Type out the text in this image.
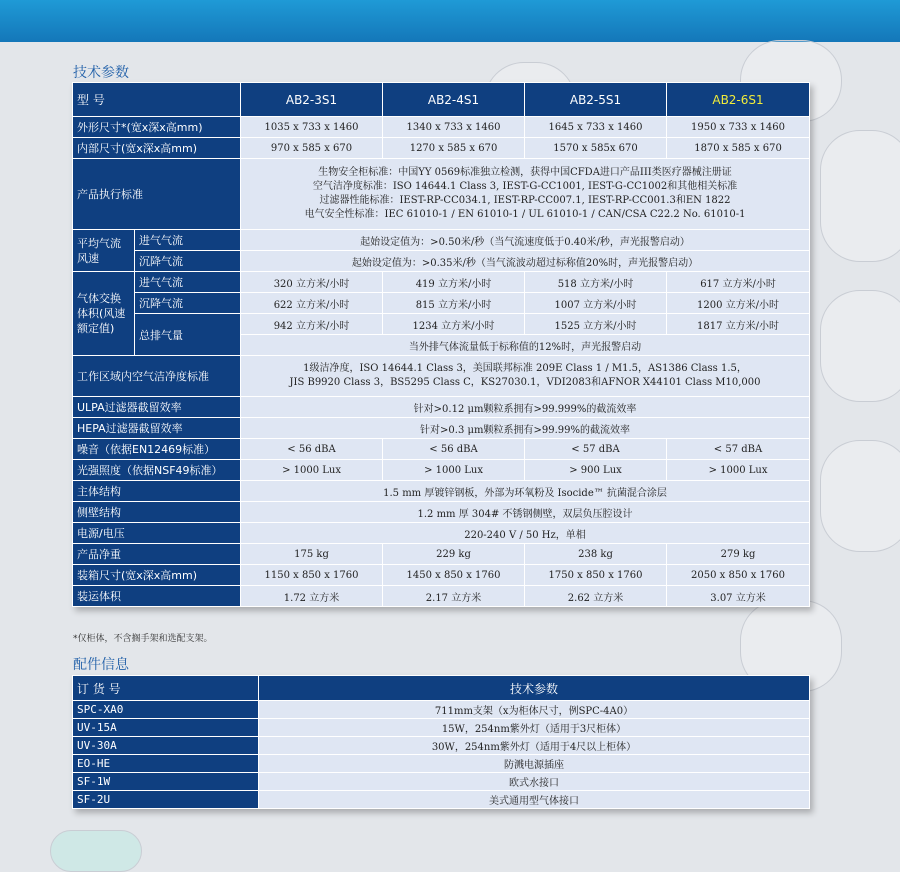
技术参数
型 号		AB2-3S1	AB2-4S1	AB2-5S1	AB2-6S1
外形尺寸*(宽x深x高mm)		1035 x 733 x 1460	1340 x 733 x 1460	1645 x 733 x 1460	1950 x 733 x 1460
内部尺寸(宽x深x高mm)		970 x 585 x 670	1270 x 585 x 670	1570 x 585x 670	1870 x 585 x 670
产品执行标准		生物安全柜标准：中国YY 0569标准独立检测，获得中国CFDA进口产品III类医疗器械注册证
空气洁净度标准：ISO 14644.1 Class 3, IEST-G-CC1001, IEST-G-CC1002和其他相关标准
过滤器性能标准：IEST-RP-CC034.1, IEST-RP-CC007.1, IEST-RP-CC001.3和EN 1822
电气安全性标准：IEC 61010-1 / EN 61010-1 / UL 61010-1 / CAN/CSA C22.2 No. 61010-1			

平均气流风速	进气气流	起始设定值为：>0.50米/秒（当气流速度低于0.40米/秒，声光报警启动）			
	沉降气流	起始设定值为：>0.35米/秒（当气流波动超过标称值20%时，声光报警启动）			
气体交换体积(风速额定值)	进气气流	320 立方米/小时	419 立方米/小时	518 立方米/小时	617 立方米/小时
	沉降气流	622 立方米/小时	815 立方米/小时	1007 立方米/小时	1200 立方米/小时
	总排气量	942 立方米/小时	1234 立方米/小时	1525 立方米/小时	1817 立方米/小时
		当外排气体流量低于标称值的12%时，声光报警启动			
工作区域内空气洁净度标准		1级洁净度，ISO 14644.1 Class 3，美国联邦标准 209E Class 1 / M1.5，AS1386 Class 1.5，
JIS B9920 Class 3，BS5295 Class C，KS27030.1，VDI2083和AFNOR X44101 Class M10,000			

ULPA过滤器截留效率		针对>0.12 μm颗粒系拥有>99.999%的截流效率			
HEPA过滤器截留效率		针对>0.3 μm颗粒系拥有>99.99%的截流效率			
噪音（依据EN12469标准）		< 56 dBA	< 56 dBA	< 57 dBA	< 57 dBA
光强照度（依据NSF49标准）		> 1000 Lux	> 1000 Lux	> 900 Lux	> 1000 Lux
主体结构		1.5 mm 厚镀锌钢板，外部为环氧粉及 Isocide™ 抗菌混合涂层			
侧壁结构		1.2 mm 厚 304# 不锈钢侧壁，双层负压腔设计			
电源/电压		220-240 V / 50 Hz，单相			
产品净重		175 kg	229 kg	238 kg	279 kg
装箱尺寸(宽x深x高mm)		1150 x 850 x 1760	1450 x 850 x 1760	1750 x 850 x 1760	2050 x 850 x 1760
装运体积		1.72 立方米	2.17 立方米	2.62 立方米	3.07 立方米
*仅柜体，不含搁手架和选配支架。
配件信息
订 货 号	技术参数
SPC-XA0	711mm支架（x为柜体尺寸，例SPC-4A0）
UV-15A	15W，254nm紫外灯（适用于3尺柜体）
UV-30A	30W，254nm紫外灯（适用于4尺以上柜体）
EO-HE	防溅电源插座
SF-1W	欧式水接口
SF-2U	美式通用型气体接口
